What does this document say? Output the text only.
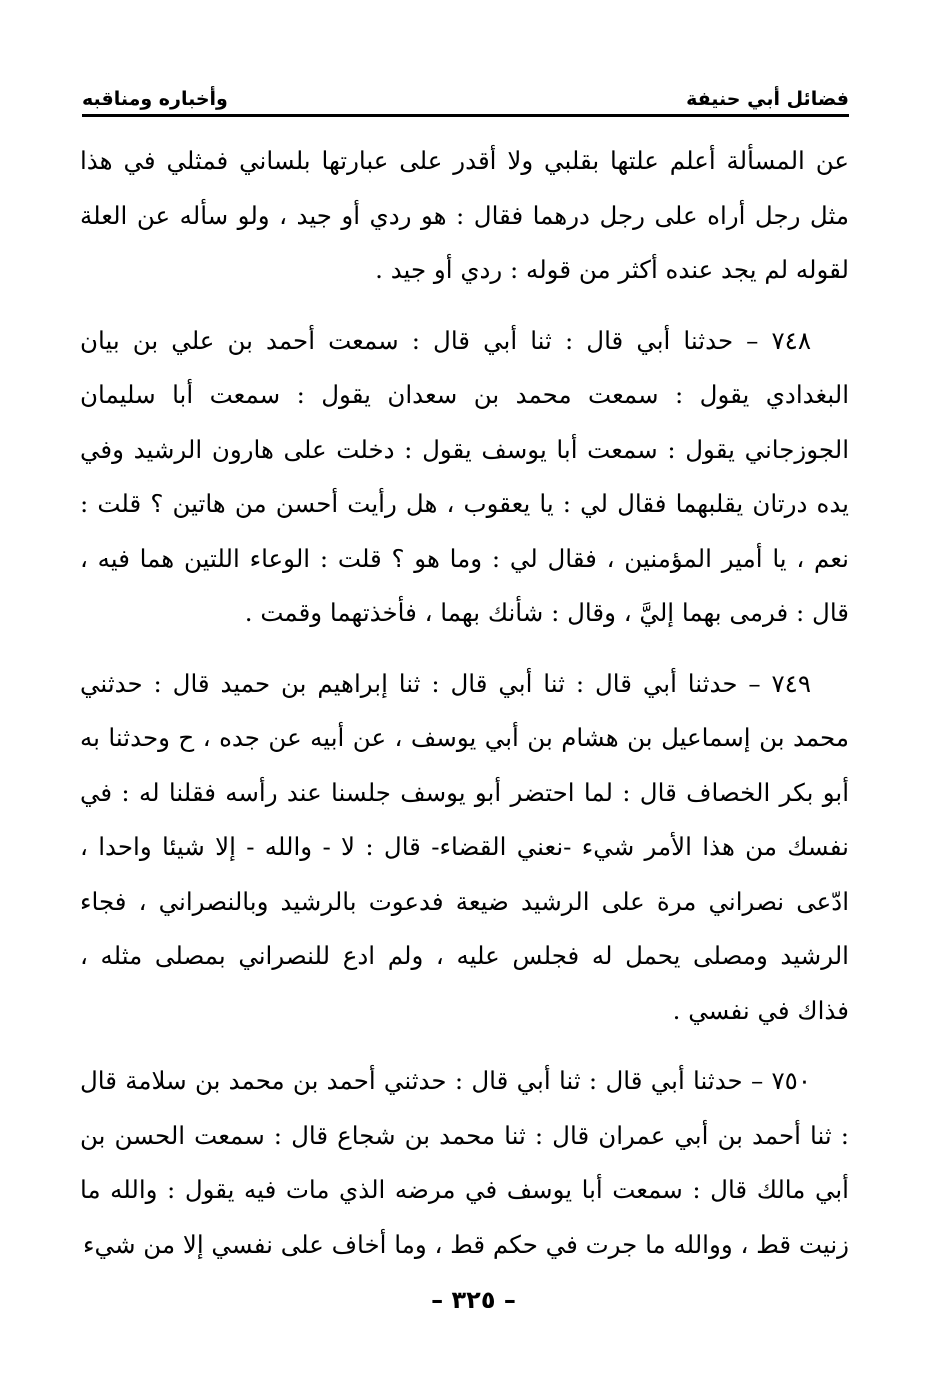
فضائل أبي حنيفة
وأخباره ومناقبه

عن المسألة أعلم علتها بقلبي ولا أقدر على عبارتها بلساني فمثلي في هذا مثل رجل أراه على رجل درهما فقال : هو ردي أو جيد ، ولو سأله عن العلة لقوله لم يجد عنده أكثر من قوله : ردي أو جيد .

٧٤٨ – حدثنا أبي قال : ثنا أبي قال : سمعت أحمد بن علي بن بيان البغدادي يقول : سمعت محمد بن سعدان يقول : سمعت أبا سليمان الجوزجاني يقول : سمعت أبا يوسف يقول : دخلت على هارون الرشيد وفي يده درتان يقلبهما فقال لي : يا يعقوب ، هل رأيت أحسن من هاتين ؟ قلت : نعم ، يا أمير المؤمنين ، فقال لي : وما هو ؟ قلت : الوعاء اللتين هما فيه ، قال : فرمى بهما إليَّ ، وقال : شأنك بهما ، فأخذتهما وقمت .

٧٤٩ – حدثنا أبي قال : ثنا أبي قال : ثنا إبراهيم بن حميد قال : حدثني محمد بن إسماعيل بن هشام بن أبي يوسف ، عن أبيه عن جده ، ح وحدثنا به أبو بكر الخصاف قال : لما احتضر أبو يوسف جلسنا عند رأسه فقلنا له : في نفسك من هذا الأمر شيء -نعني القضاء- قال : لا - والله - إلا شيئا واحدا ، ادّعى نصراني مرة على الرشيد ضيعة فدعوت بالرشيد وبالنصراني ، فجاء الرشيد ومصلى يحمل له فجلس عليه ، ولم ادع للنصراني بمصلى مثله ، فذاك في نفسي .

٧٥٠ – حدثنا أبي قال : ثنا أبي قال : حدثني أحمد بن محمد بن سلامة قال : ثنا أحمد بن أبي عمران قال : ثنا محمد بن شجاع قال : سمعت الحسن بن أبي مالك قال : سمعت أبا يوسف في مرضه الذي مات فيه يقول : والله ما زنيت قط ، ووالله ما جرت في حكم قط ، وما أخاف على نفسي إلا من شيء

– ٣٢٥ –
